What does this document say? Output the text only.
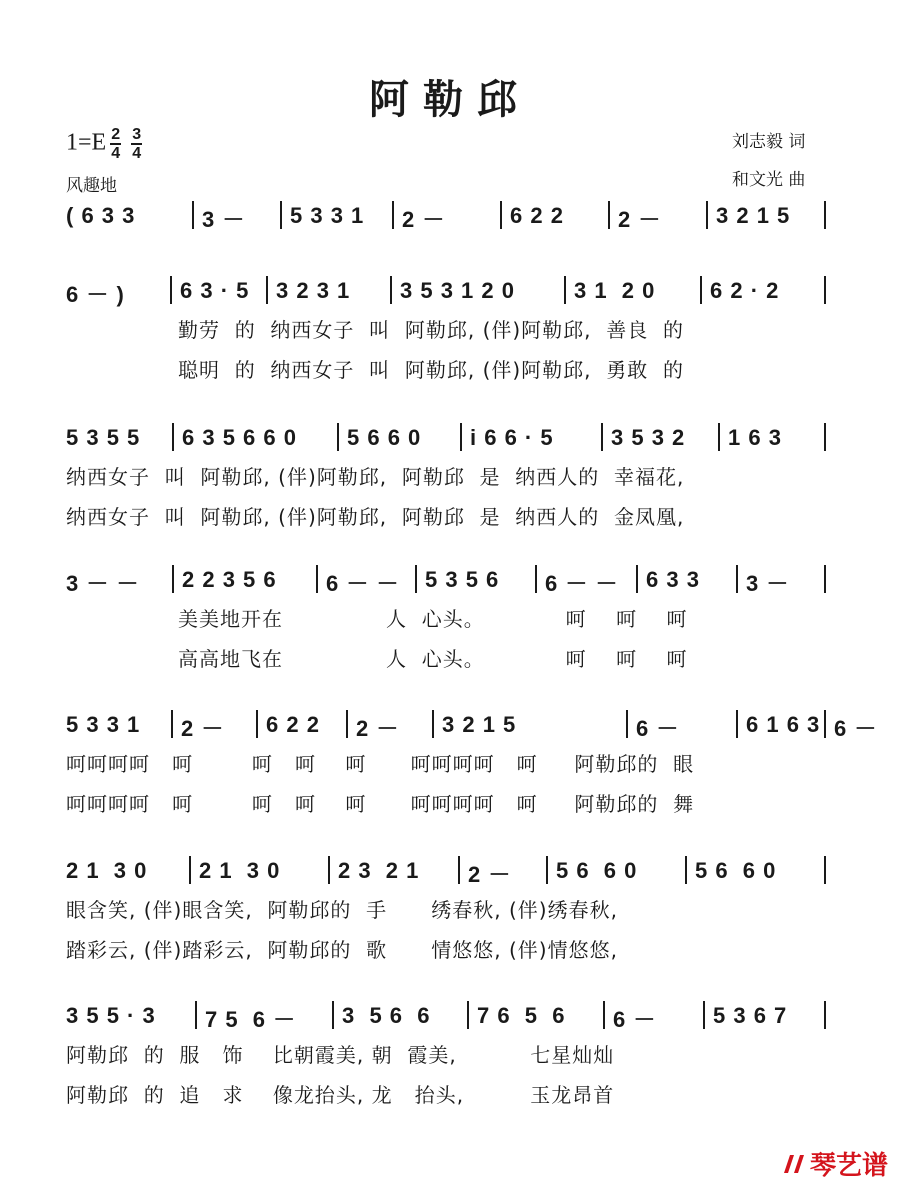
阿勒邱
$1=E \frac{2}{4} \frac{3}{4}$
风趣地
刘志毅 词
和文光 曲
( 6 3 3	3 － 5 3 3 1 2 －	6 2 2 2 － 3 2 1 5
6 － )	6 3 · 5 3 2 3 1 3 5 3 1 2 0	3 1  2 0 6 2 · 2
勤劳  的  纳西女子  叫  阿勒邱, (伴)阿勒邱,  善良  的
聪明  的  纳西女子  叫  阿勒邱, (伴)阿勒邱,  勇敢  的
5 3 5 5 6 3 5 6 6 0 5 6 6 0 i 6 6 · 5	3 5 3 2 1 6 3
纳西女子  叫  阿勒邱, (伴)阿勒邱,  阿勒邱  是  纳西人的  幸福花,
纳西女子  叫  阿勒邱, (伴)阿勒邱,  阿勒邱  是  纳西人的  金凤凰,
3 － － 2 2 3 5 6 6 － － 5 3 5 6 6 － － 6 3 3 3 －
美美地开在              人  心头。           呵    呵    呵
高高地飞在              人  心头。           呵    呵    呵
5 3 3 1 2 － 6 2 2 2 － 3 2 1 5	6 －	6 1 6 3 6 －
呵呵呵呵   呵        呵   呵    呵      呵呵呵呵   呵     阿勒邱的  眼
呵呵呵呵   呵        呵   呵    呵      呵呵呵呵   呵     阿勒邱的  舞
2 1  3 0 2 1  3 0	2 3  2 1 2 － 5 6  6 0	5 6  6 0
眼含笑, (伴)眼含笑,  阿勒邱的  手      绣春秋, (伴)绣春秋,
踏彩云, (伴)踏彩云,  阿勒邱的  歌      情悠悠, (伴)情悠悠,
3 5 5 · 3 7 5  6 － 3  5 6  6 7 6  5  6 6 －	5 3 6 7
阿勒邱  的  服   饰    比朝霞美, 朝  霞美,          七星灿灿
阿勒邱  的  追   求    像龙抬头, 龙   抬头,         玉龙昂首
琴艺谱
